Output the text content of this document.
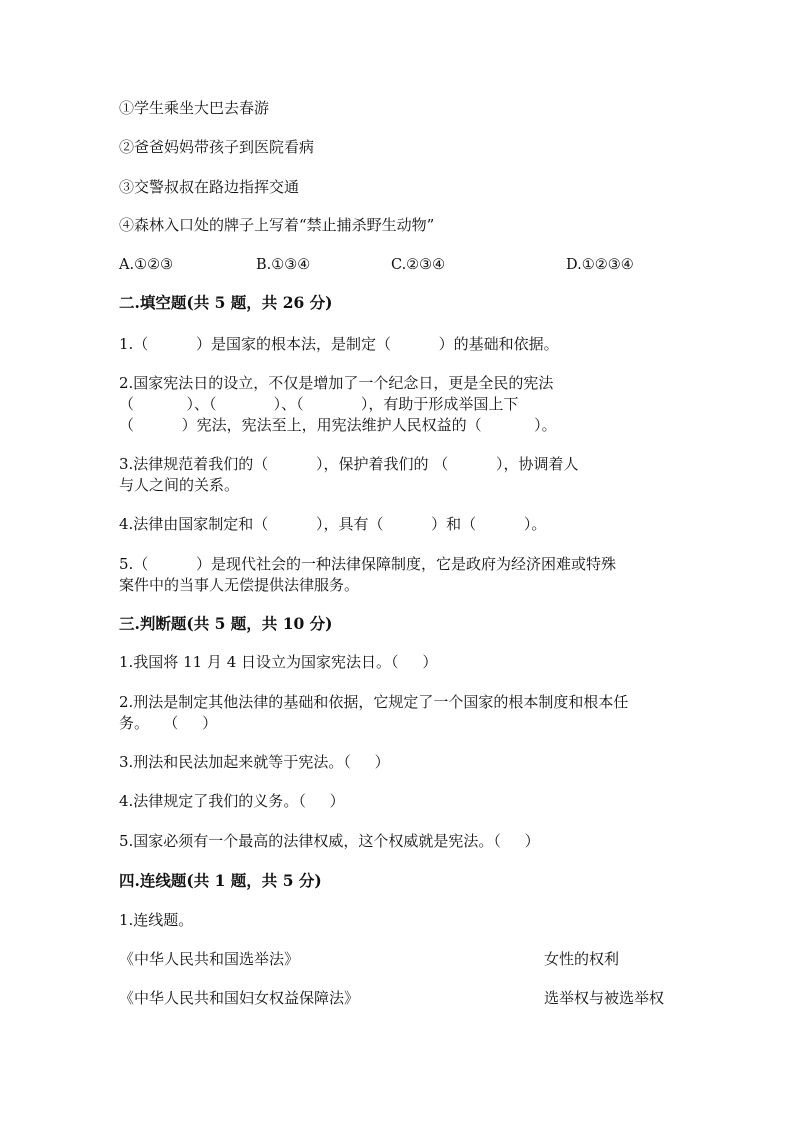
①学生乘坐大巴去春游
②爸爸妈妈带孩子到医院看病
③交警叔叔在路边指挥交通
④森林入口处的牌子上写着“禁止捕杀野生动物”
A.①②③	B.①③④	C.②③④	D.①②③④
二.填空题(共 5 题，共 26 分)
1.（          ）是国家的根本法，是制定（          ）的基础和依据。
2.国家宪法日的设立，不仅是增加了一个纪念日，更是全民的宪法
（           ）、（            ）、（            ），有助于形成举国上下
（          ）宪法，宪法至上，用宪法维护人民权益的（           ）。
3.法律规范着我们的（          ），保护着我们的 （          ），协调着人
与人之间的关系。
4.法律由国家制定和（          ），具有（          ）和（          ）。
5.（          ）是现代社会的一种法律保障制度，它是政府为经济困难或特殊
案件中的当事人无偿提供法律服务。
三.判断题(共 5 题，共 10 分)
1.我国将 11 月 4 日设立为国家宪法日。（     ）
2.刑法是制定其他法律的基础和依据，它规定了一个国家的根本制度和根本任
务。   （     ）
3.刑法和民法加起来就等于宪法。（     ）
4.法律规定了我们的义务。（     ）
5.国家必须有一个最高的法律权威，这个权威就是宪法。（     ）
四.连线题(共 1 题，共 5 分)
1.连线题。
《中华人民共和国选举法》	女性的权利
《中华人民共和国妇女权益保障法》	选举权与被选举权
